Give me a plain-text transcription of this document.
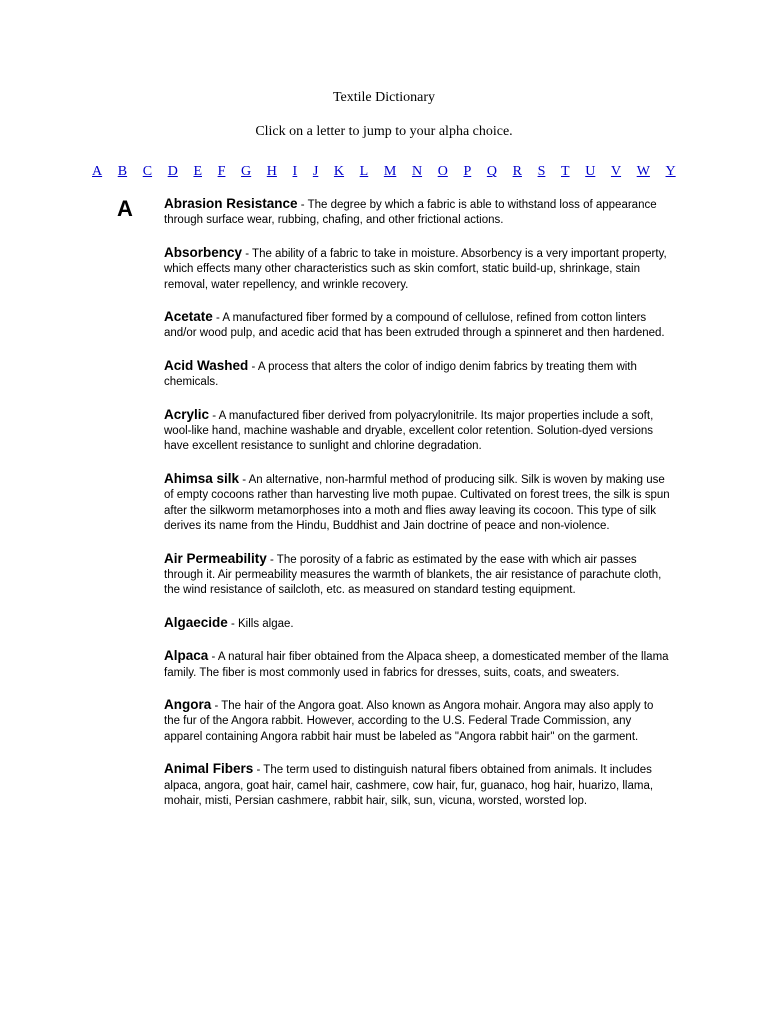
Textile Dictionary
Click on a letter to jump to your alpha choice.
A B C D E F G H I J K L M N O P Q R S T U V W Y
A Abrasion Resistance - The degree by which a fabric is able to withstand loss of appearance through surface wear, rubbing, chafing, and other frictional actions.
Absorbency - The ability of a fabric to take in moisture. Absorbency is a very important property, which effects many other characteristics such as skin comfort, static build-up, shrinkage, stain removal, water repellency, and wrinkle recovery.
Acetate - A manufactured fiber formed by a compound of cellulose, refined from cotton linters and/or wood pulp, and acedic acid that has been extruded through a spinneret and then hardened.
Acid Washed - A process that alters the color of indigo denim fabrics by treating them with chemicals.
Acrylic - A manufactured fiber derived from polyacrylonitrile. Its major properties include a soft, wool-like hand, machine washable and dryable, excellent color retention. Solution-dyed versions have excellent resistance to sunlight and chlorine degradation.
Ahimsa silk - An alternative, non-harmful method of producing silk. Silk is woven by making use of empty cocoons rather than harvesting live moth pupae. Cultivated on forest trees, the silk is spun after the silkworm metamorphoses into a moth and flies away leaving its cocoon. This type of silk derives its name from the Hindu, Buddhist and Jain doctrine of peace and non-violence.
Air Permeability - The porosity of a fabric as estimated by the ease with which air passes through it. Air permeability measures the warmth of blankets, the air resistance of parachute cloth, the wind resistance of sailcloth, etc. as measured on standard testing equipment.
Algaecide - Kills algae.
Alpaca - A natural hair fiber obtained from the Alpaca sheep, a domesticated member of the llama family. The fiber is most commonly used in fabrics for dresses, suits, coats, and sweaters.
Angora - The hair of the Angora goat. Also known as Angora mohair. Angora may also apply to the fur of the Angora rabbit. However, according to the U.S. Federal Trade Commission, any apparel containing Angora rabbit hair must be labeled as "Angora rabbit hair" on the garment.
Animal Fibers - The term used to distinguish natural fibers obtained from animals. It includes alpaca, angora, goat hair, camel hair, cashmere, cow hair, fur, guanaco, hog hair, huarizo, llama, mohair, misti, Persian cashmere, rabbit hair, silk, sun, vicuna, worsted, worsted lop.
